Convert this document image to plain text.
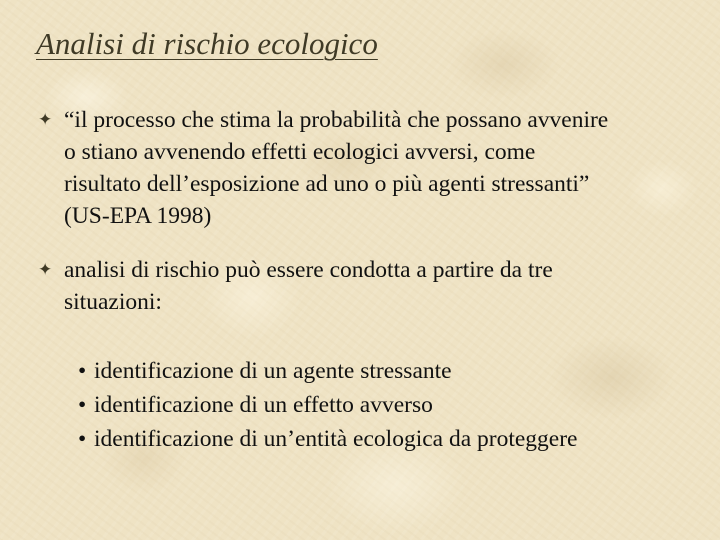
Analisi di rischio ecologico
✦ “il processo che stima la probabilità che possano avvenire
o stiano avvenendo effetti ecologici avversi, come
risultato dell’esposizione ad uno o più agenti stressanti”
(US-EPA 1998)
✦ analisi di rischio può essere condotta a partire da tre
situazioni:
• identificazione di un agente stressante
• identificazione di un effetto avverso
• identificazione di un’entità ecologica da proteggere
